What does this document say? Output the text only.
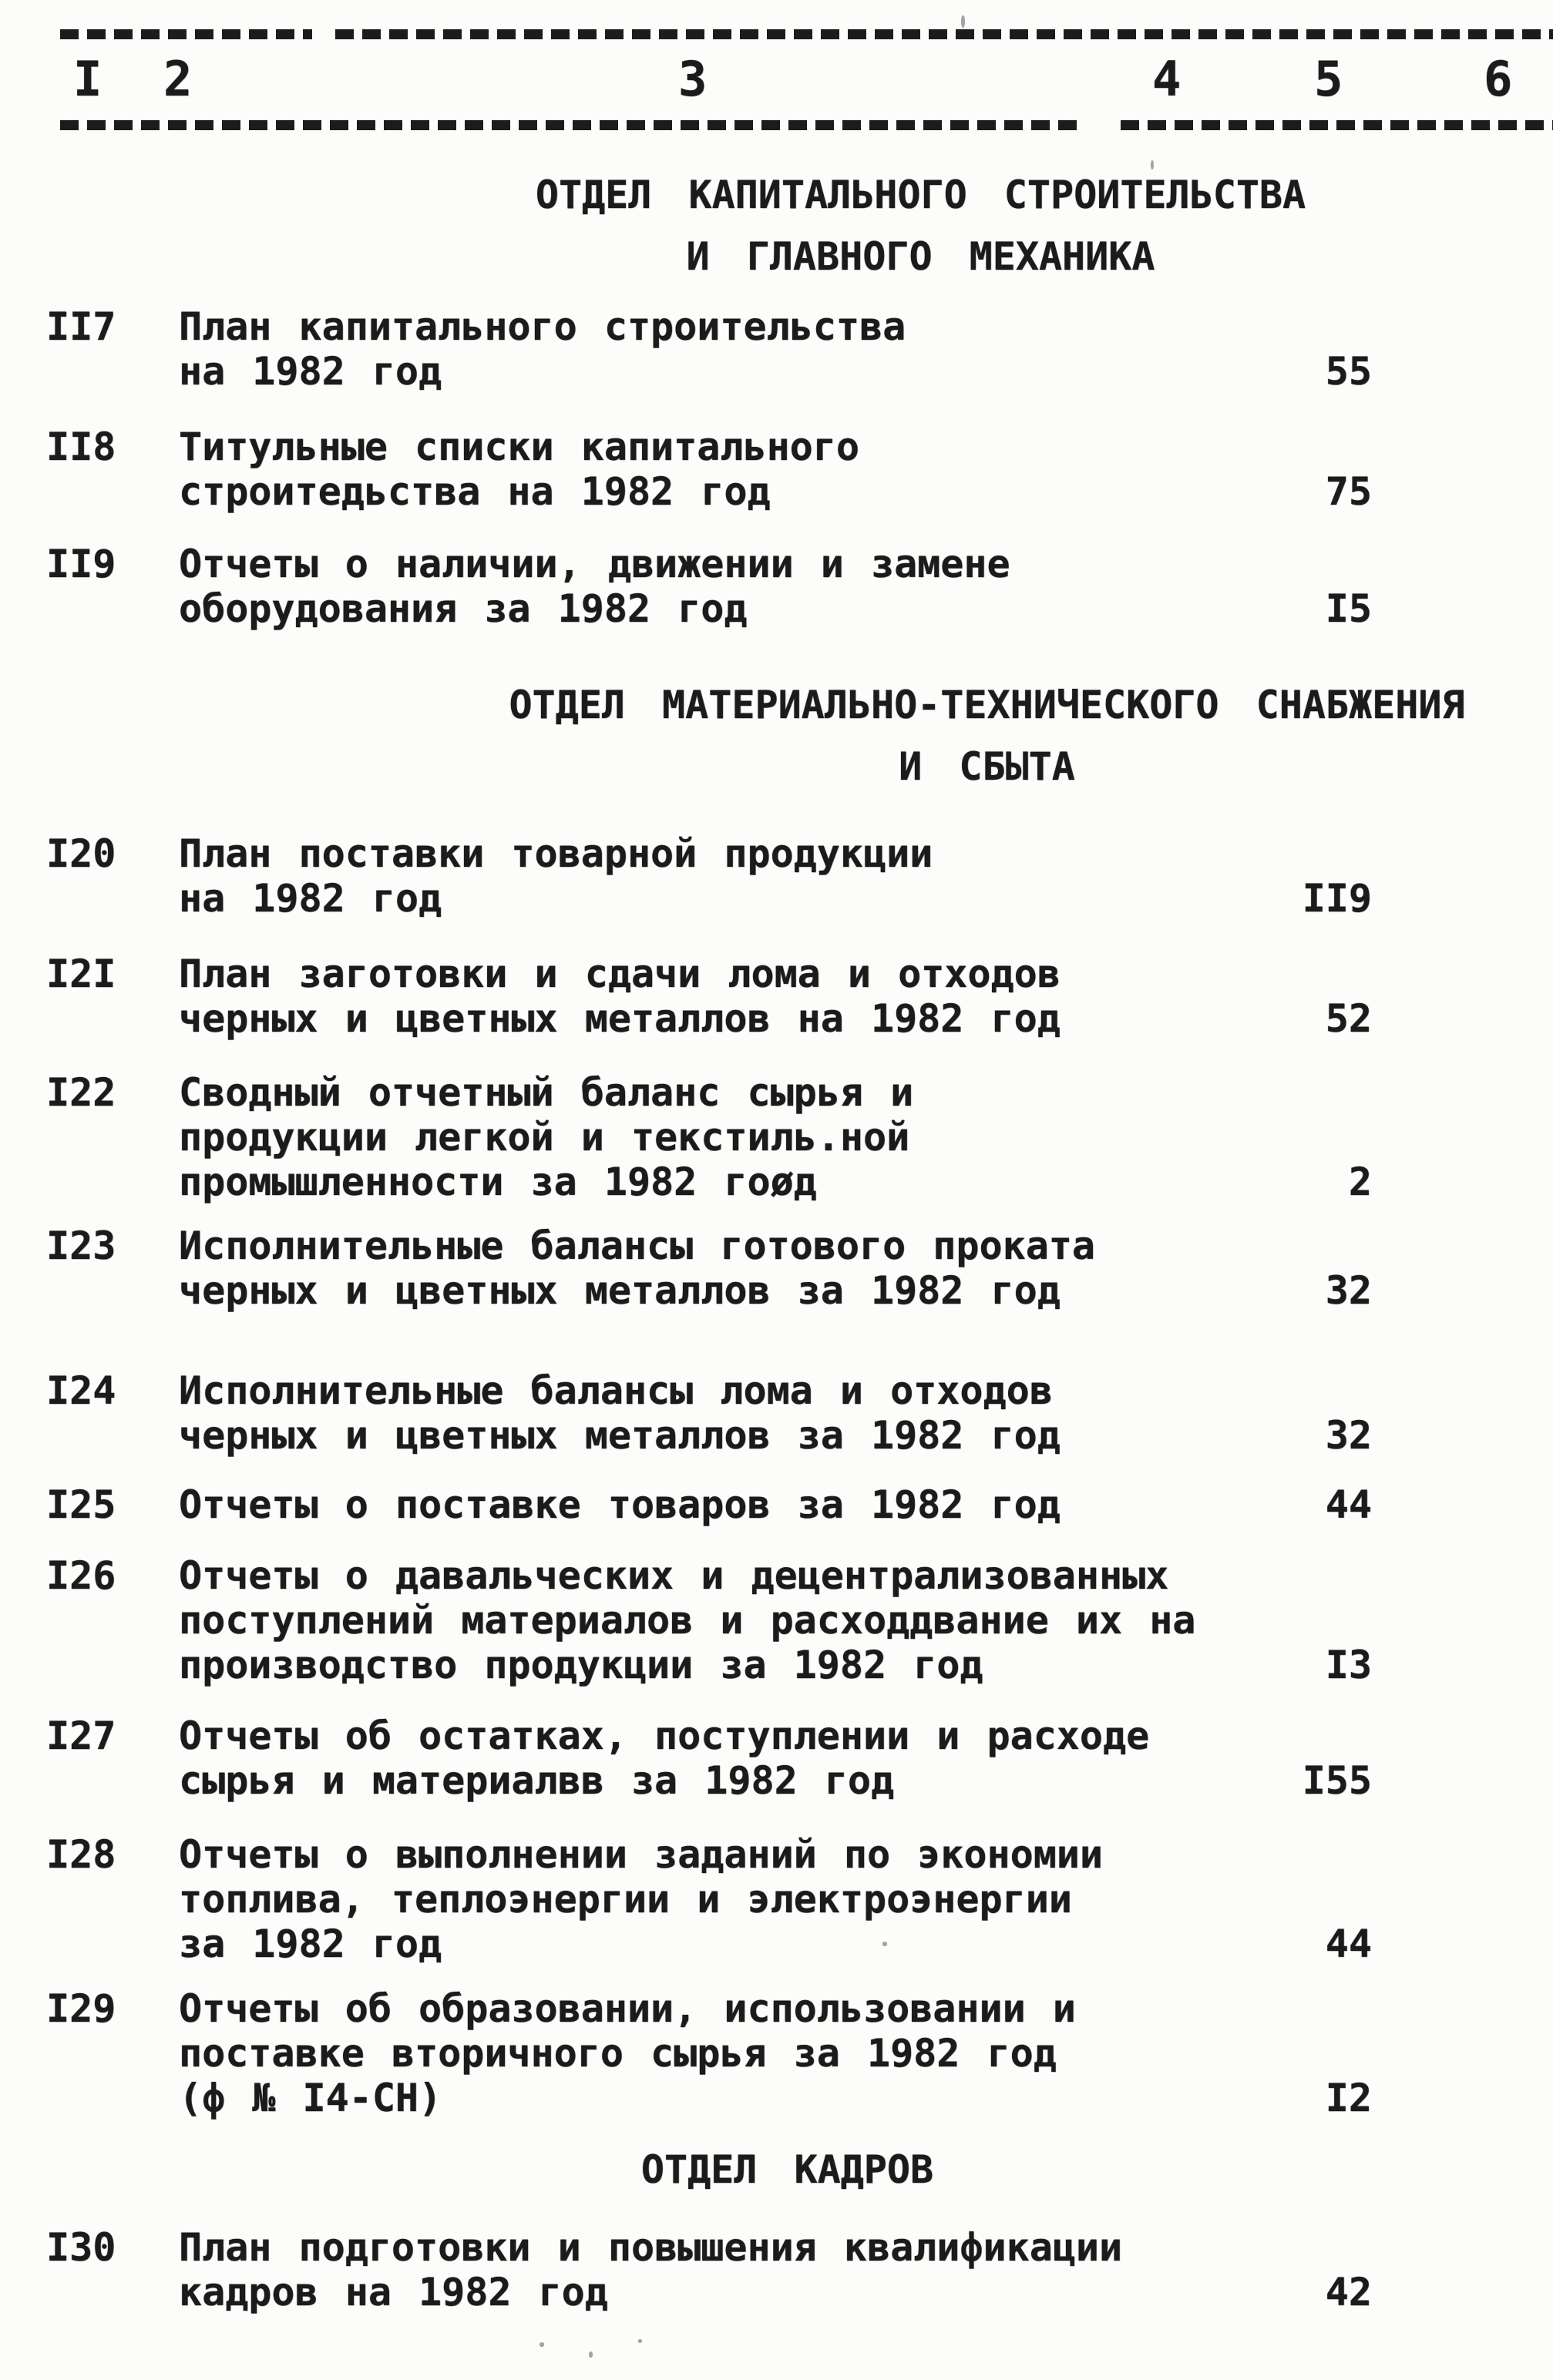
I 2	3	4	5	6
ОТДЕЛ КАПИТАЛЬНОГО СТРОИТЕЛЬСТВА
И ГЛАВНОГО МЕХАНИКА
II7	План капитального строительства
на 1982 год	55
II8	Титульные списки капитального
строитедьства на 1982 год	75
II9	Отчеты о наличии, движении и замене
оборудования за 1982 год	I5
ОТДЕЛ МАТЕРИАЛЬНО-ТЕХНИЧЕСКОГО СНАБЖЕНИЯ
И СБЫТА
I20	План поставки товарной продукции
на 1982 год	II9
I2I	План заготовки и сдачи лома и отходов
черных и цветных металлов на 1982 год	52
I22	Сводный отчетный баланс сырья и
продукции легкой и текстиль.ной
промышленности за 1982 гоøд	2
I23	Исполнительные балансы готового проката
черных и цветных металлов за 1982 год	32
I24	Исполнительные балансы лома и отходов
черных и цветных металлов за 1982 год	32
I25	Отчеты о поставке товаров за 1982 год	44
I26	Отчеты о давальческих и децентрализованных
поступлений материалов и расходдвание их на
производство продукции за 1982 год	I3
I27	Отчеты об остатках, поступлении и расходе
сырья и материалвв за 1982 год	I55
I28	Отчеты о выполнении заданий по экономии
топлива, теплоэнергии и электроэнергии
за 1982 год	44
I29	Отчеты об образовании, использовании и
поставке вторичного сырья за 1982 год
(ф № I4-СН)	I2
ОТДЕЛ КАДРОВ
I30	План подготовки и повышения квалификации
кадров на 1982 год	42
